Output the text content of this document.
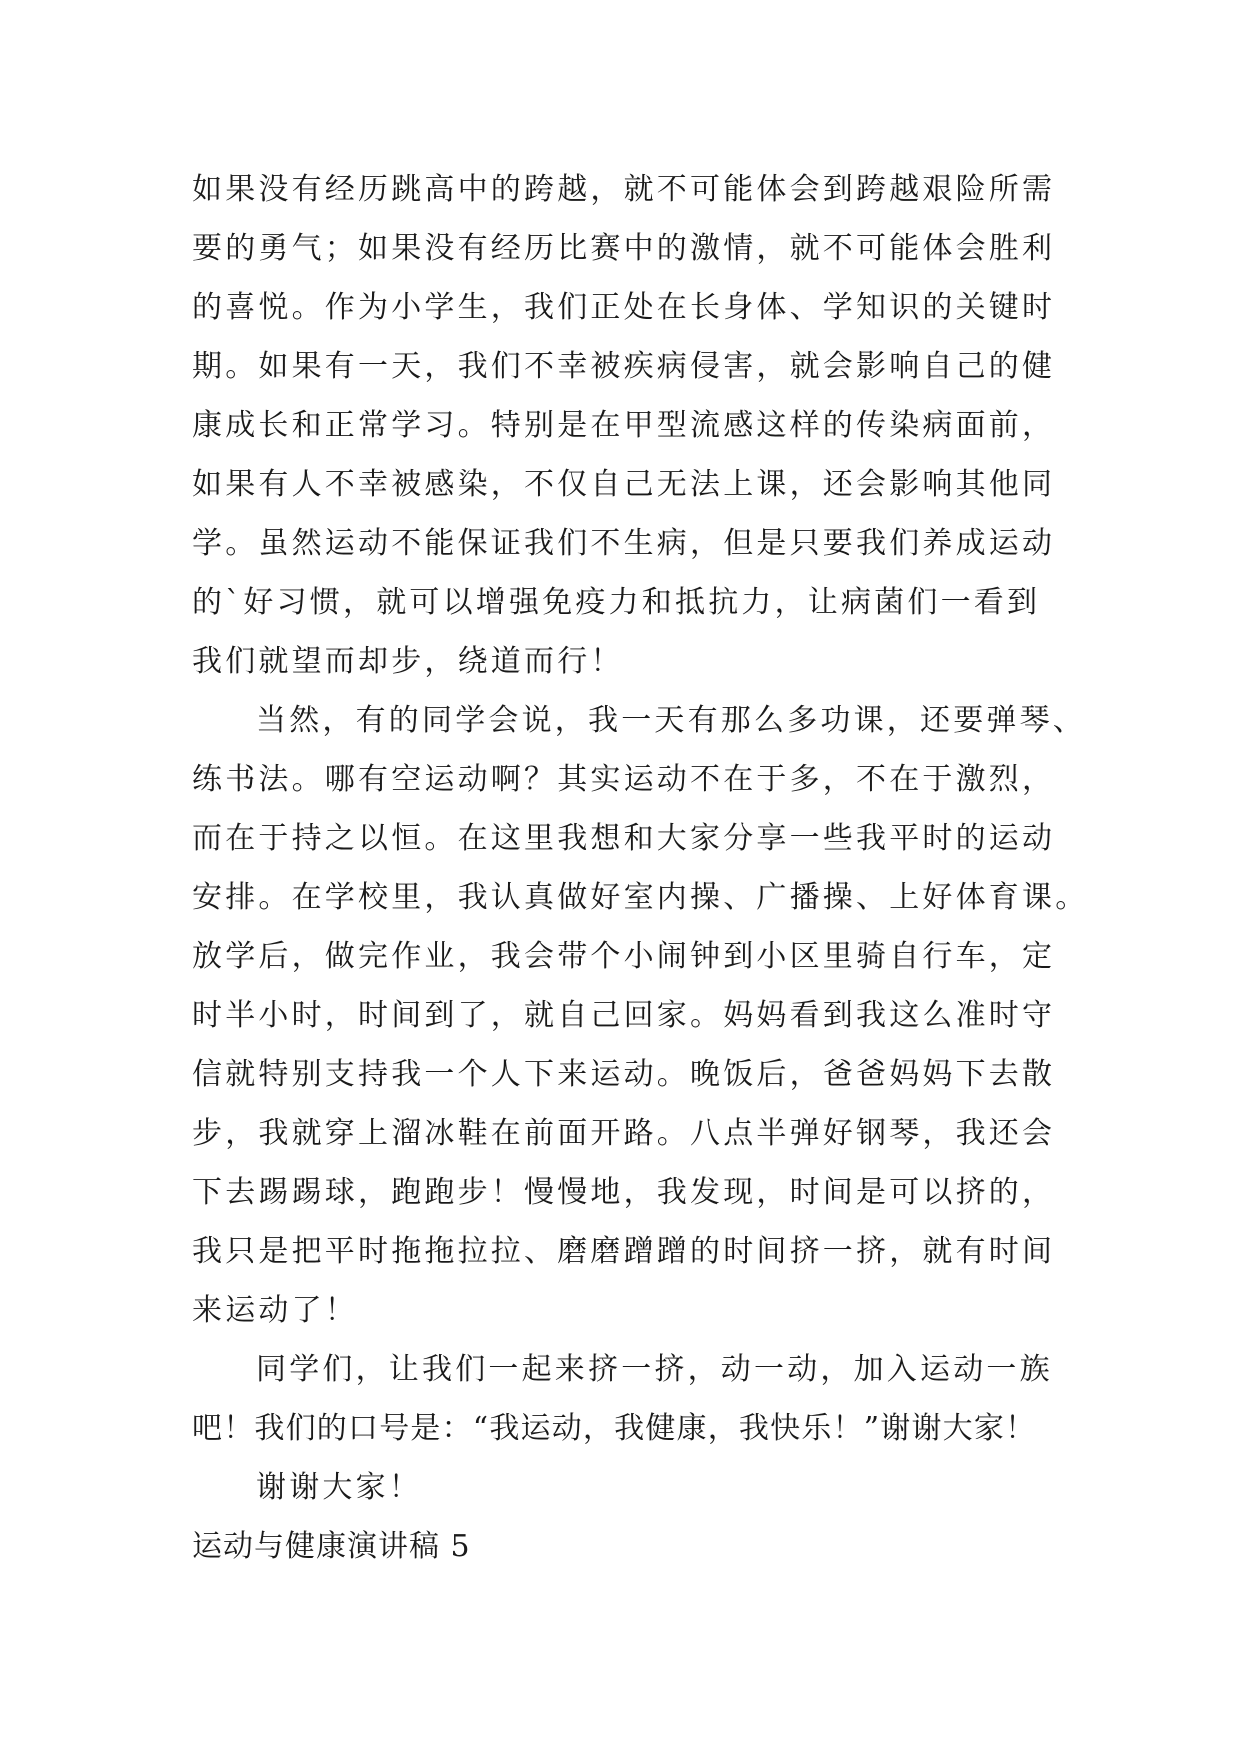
如果没有经历跳高中的跨越，就不可能体会到跨越艰险所需
要的勇气；如果没有经历比赛中的激情，就不可能体会胜利
的喜悦。作为小学生，我们正处在长身体、学知识的关键时
期。如果有一天，我们不幸被疾病侵害，就会影响自己的健
康成长和正常学习。特别是在甲型流感这样的传染病面前，
如果有人不幸被感染，不仅自己无法上课，还会影响其他同
学。虽然运动不能保证我们不生病，但是只要我们养成运动
的`好习惯，就可以增强免疫力和抵抗力，让病菌们一看到
我们就望而却步，绕道而行！
当然，有的同学会说，我一天有那么多功课，还要弹琴、
练书法。哪有空运动啊？其实运动不在于多，不在于激烈，
而在于持之以恒。在这里我想和大家分享一些我平时的运动
安排。在学校里，我认真做好室内操、广播操、上好体育课。
放学后，做完作业，我会带个小闹钟到小区里骑自行车，定
时半小时，时间到了，就自己回家。妈妈看到我这么准时守
信就特别支持我一个人下来运动。晚饭后，爸爸妈妈下去散
步，我就穿上溜冰鞋在前面开路。八点半弹好钢琴，我还会
下去踢踢球，跑跑步！慢慢地，我发现，时间是可以挤的，
我只是把平时拖拖拉拉、磨磨蹭蹭的时间挤一挤，就有时间
来运动了！
同学们，让我们一起来挤一挤，动一动，加入运动一族
吧！我们的口号是：“我运动，我健康，我快乐！”谢谢大家！
谢谢大家！
运动与健康演讲稿 5
